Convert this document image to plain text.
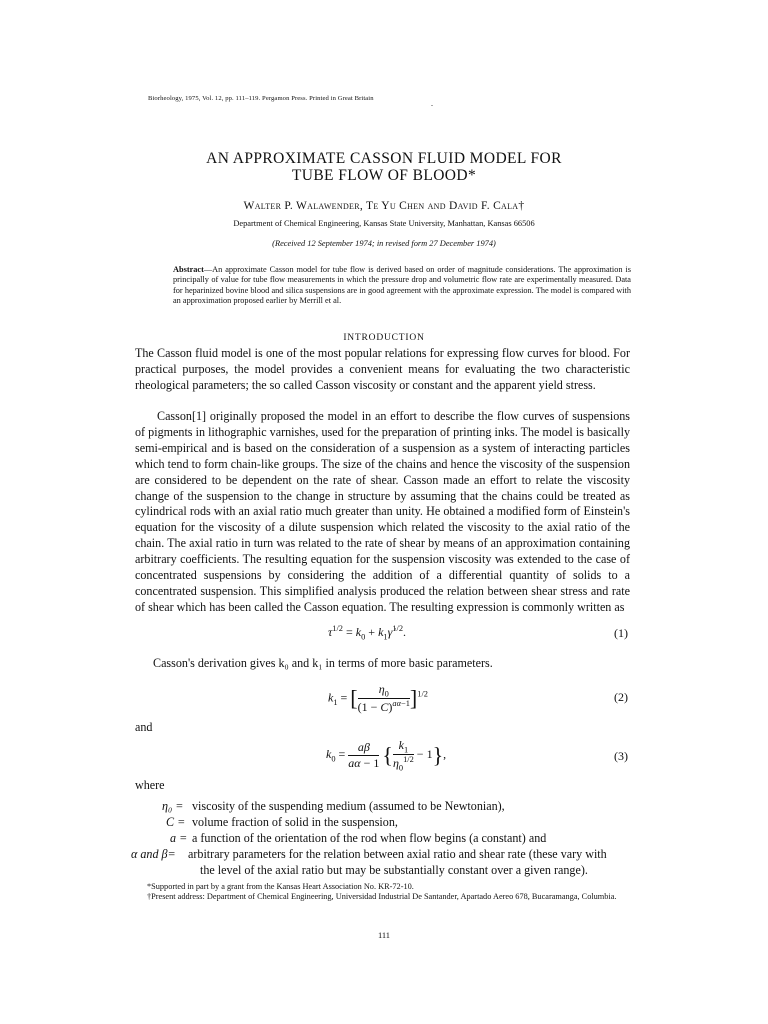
Biorheology, 1975, Vol. 12, pp. 111–119. Pergamon Press. Printed in Great Britain
.
AN APPROXIMATE CASSON FLUID MODEL FOR
TUBE FLOW OF BLOOD*
Walter P. Walawender, Te Yu Chen and David F. Cala†
Department of Chemical Engineering, Kansas State University, Manhattan, Kansas 66506
(Received 12 September 1974; in revised form 27 December 1974)
Abstract—An approximate Casson model for tube flow is derived based on order of magnitude considerations. The approximation is principally of value for tube flow measurements in which the pressure drop and volumetric flow rate are experimentally measured. Data for heparinized bovine blood and silica suspensions are in good agreement with the approximate expression. The model is compared with an approximation proposed earlier by Merrill et al.
INTRODUCTION
The Casson fluid model is one of the most popular relations for expressing flow curves for blood. For practical purposes, the model provides a convenient means for evaluating the two characteristic rheological parameters; the so called Casson viscosity or constant and the apparent yield stress.
Casson[1] originally proposed the model in an effort to describe the flow curves of suspensions of pigments in lithographic varnishes, used for the preparation of printing inks. The model is basically semi-empirical and is based on the consideration of a suspension as a system of interacting particles which tend to form chain-like groups. The size of the chains and hence the viscosity of the suspension are considered to be dependent on the rate of shear. Casson made an effort to relate the viscosity change of the suspension to the change in structure by assuming that the chains could be treated as cylindrical rods with an axial ratio much greater than unity. He obtained a modified form of Einstein's equation for the viscosity of a dilute suspension which related the viscosity to the axial ratio of the chain. The axial ratio in turn was related to the rate of shear by means of an approximation containing arbitrary coefficients. The resulting equation for the suspension viscosity was extended to the case of concentrated suspensions by considering the addition of a differential quantity of solids to a concentrated suspension. This simplified analysis produced the relation between shear stress and rate of shear which has been called the Casson equation. The resulting expression is commonly written as
$\tau^{1/2} = k_0$ + $k_1\gammȧ^{1/2}$.	(1)
Casson's derivation gives k₀ and k₁ in terms of more basic parameters.
$k_1$ = [ $\frac{\eta_0}{(1 - C)^{a\alpha-1}} ]^{1/2}$	(2)
and
$k_0 = \frac{a\beta}{a\alpha - 1}$ { $\frac{k_1}{\eta_0^{1/2}} - 1$},	(3)
where
η₀ = viscosity of the suspending medium (assumed to be Newtonian),
C = volume fraction of solid in the suspension,
a = a function of the orientation of the rod when flow begins (a constant) and
α and β= arbitrary parameters for the relation between axial ratio and shear rate (these vary with
the level of the axial ratio but may be substantially constant over a given range).
*Supported in part by a grant from the Kansas Heart Association No. KR-72-10.
†Present address: Department of Chemical Engineering, Universidad Industrial De Santander, Apartado Aereo 678, Bucaramanga, Columbia.
111
